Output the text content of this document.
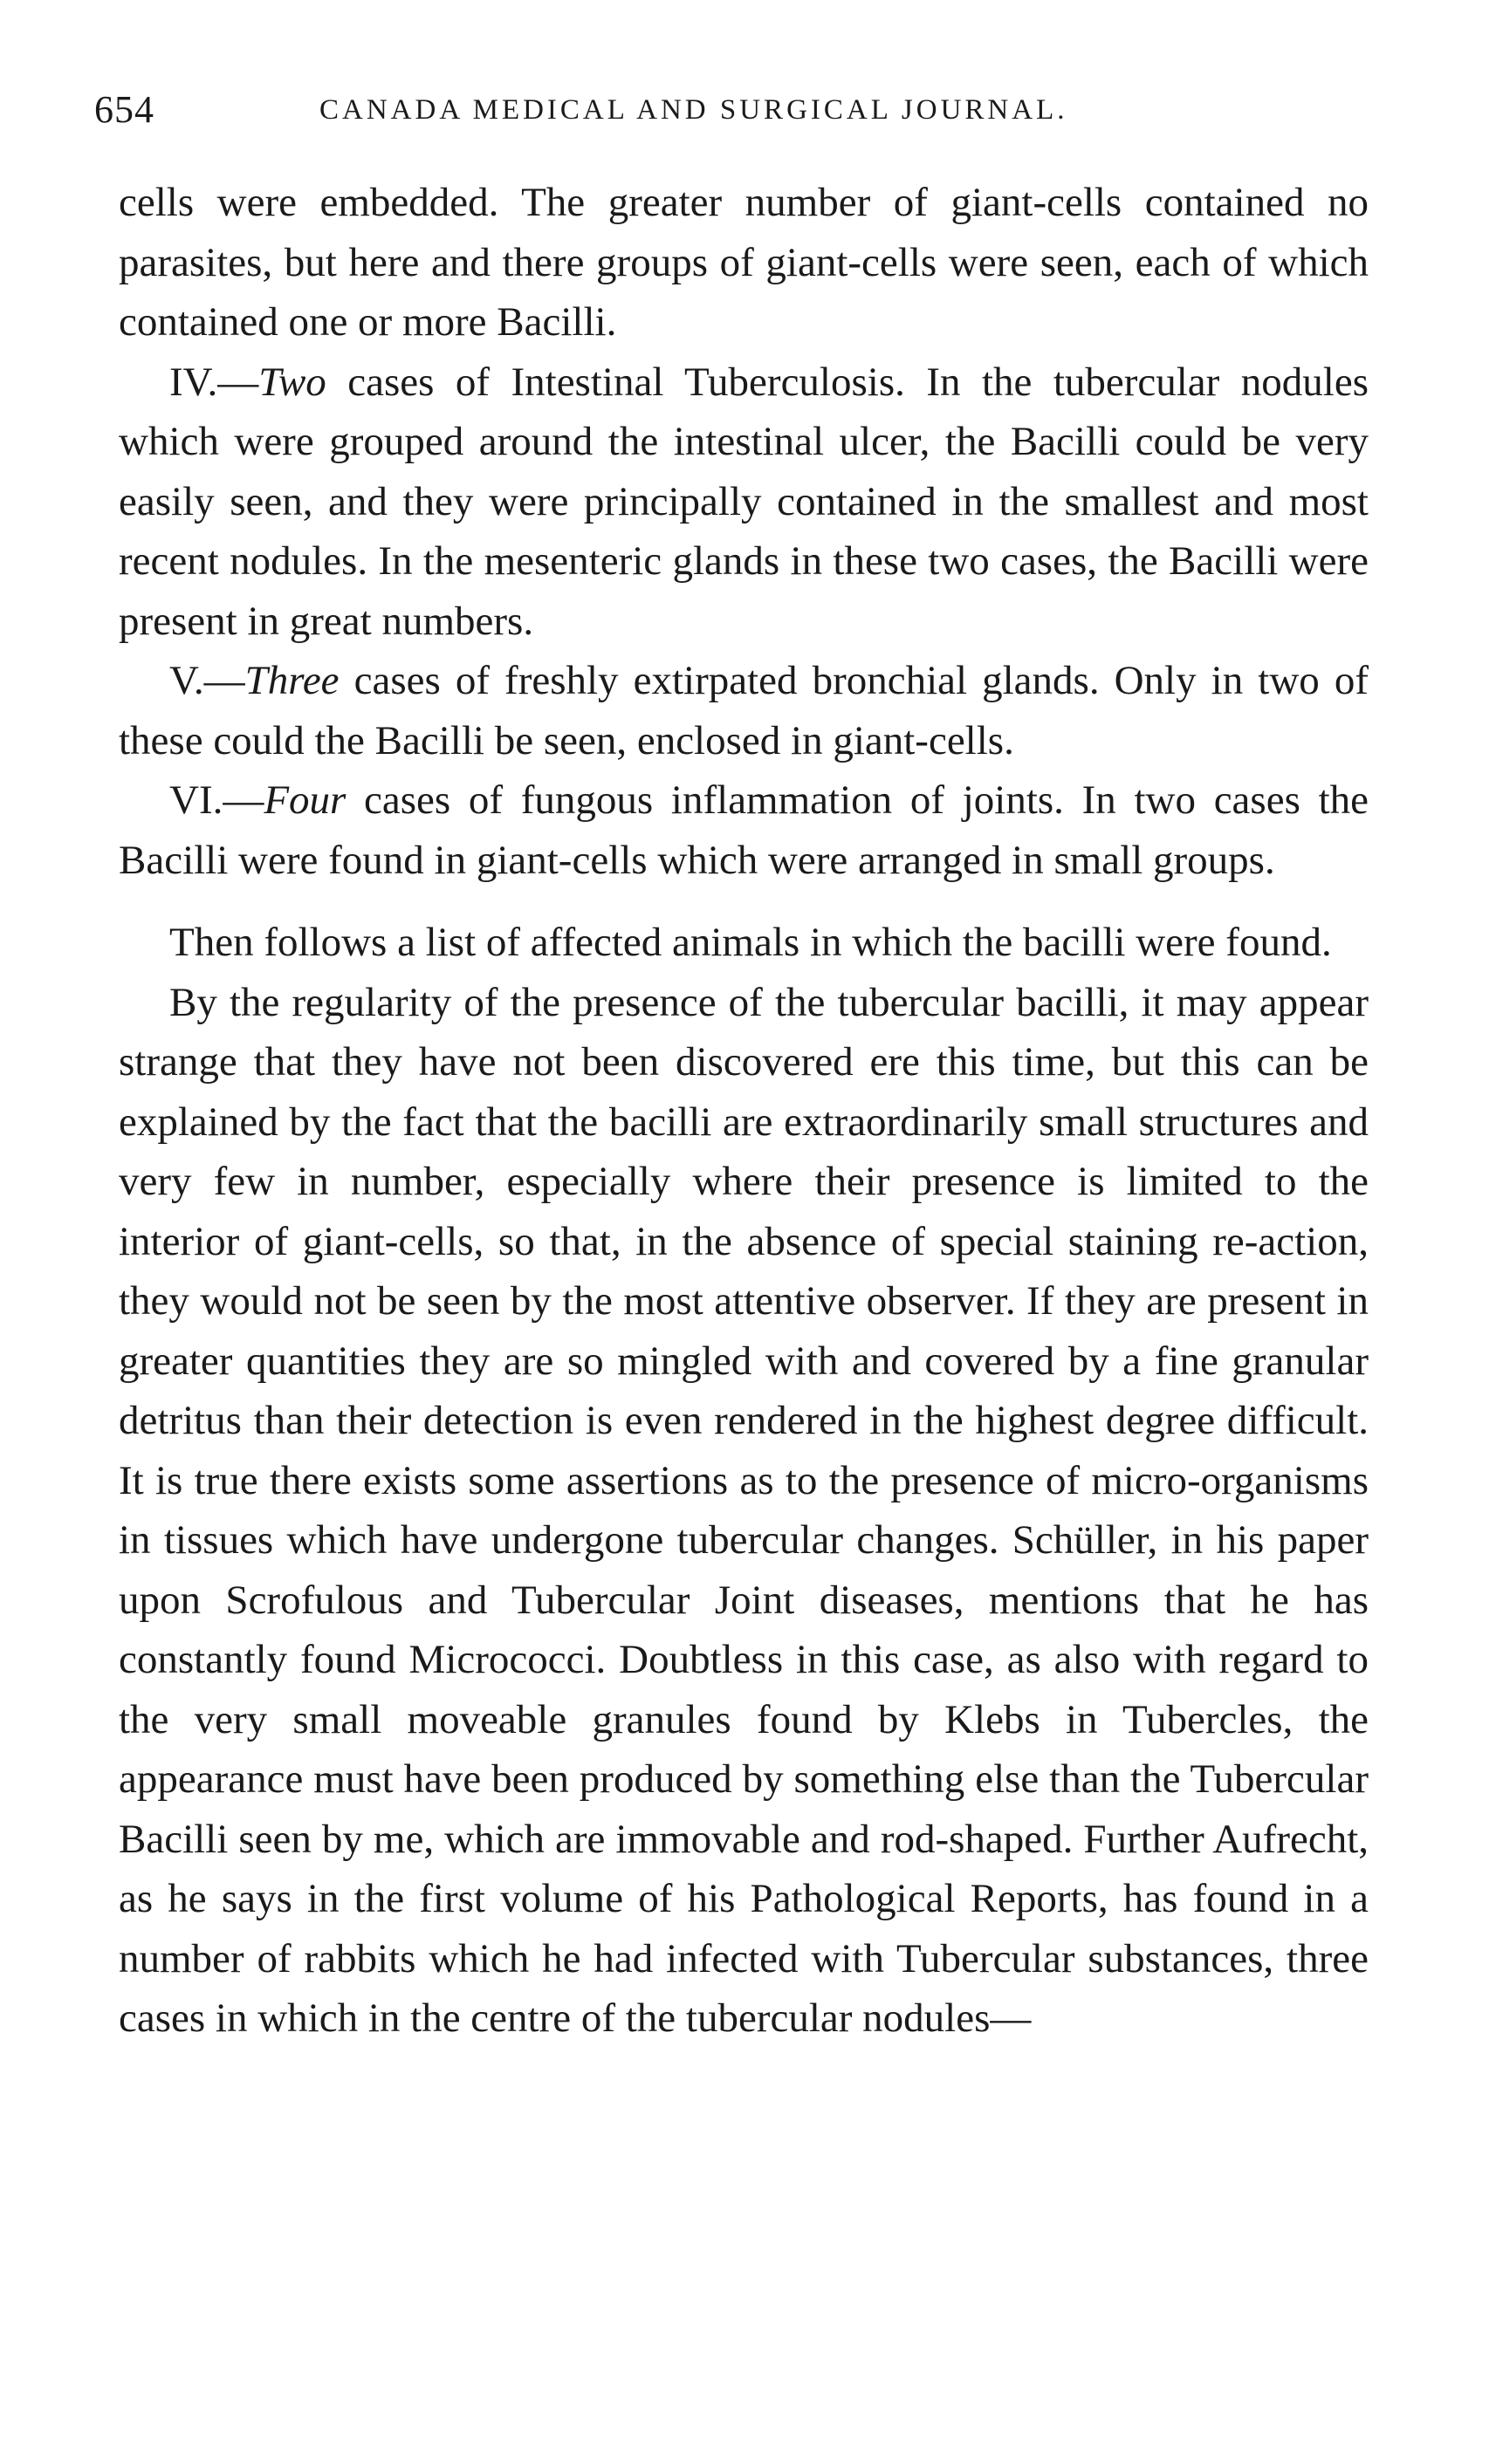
654	CANADA MEDICAL AND SURGICAL JOURNAL.

cells were embedded. The greater number of giant-cells contained no parasites, but here and there groups of giant-cells were seen, each of which contained one or more Bacilli.

IV.—Two cases of Intestinal Tuberculosis. In the tubercular nodules which were grouped around the intestinal ulcer, the Bacilli could be very easily seen, and they were principally contained in the smallest and most recent nodules. In the mesenteric glands in these two cases, the Bacilli were present in great numbers.

V.—Three cases of freshly extirpated bronchial glands. Only in two of these could the Bacilli be seen, enclosed in giant-cells.

VI.—Four cases of fungous inflammation of joints. In two cases the Bacilli were found in giant-cells which were arranged in small groups.

Then follows a list of affected animals in which the bacilli were found.

By the regularity of the presence of the tubercular bacilli, it may appear strange that they have not been discovered ere this time, but this can be explained by the fact that the bacilli are extraordinarily small structures and very few in number, especially where their presence is limited to the interior of giant-cells, so that, in the absence of special staining re-action, they would not be seen by the most attentive observer. If they are present in greater quantities they are so mingled with and covered by a fine granular detritus than their detection is even rendered in the highest degree difficult. It is true there exists some assertions as to the presence of micro-organisms in tissues which have undergone tubercular changes. Schüller, in his paper upon Scrofulous and Tubercular Joint diseases, mentions that he has constantly found Micrococci. Doubtless in this case, as also with regard to the very small moveable granules found by Klebs in Tubercles, the appearance must have been produced by something else than the Tubercular Bacilli seen by me, which are immovable and rod-shaped. Further Aufrecht, as he says in the first volume of his Pathological Reports, has found in a number of rabbits which he had infected with Tubercular substances, three cases in which in the centre of the tubercular nodules—
